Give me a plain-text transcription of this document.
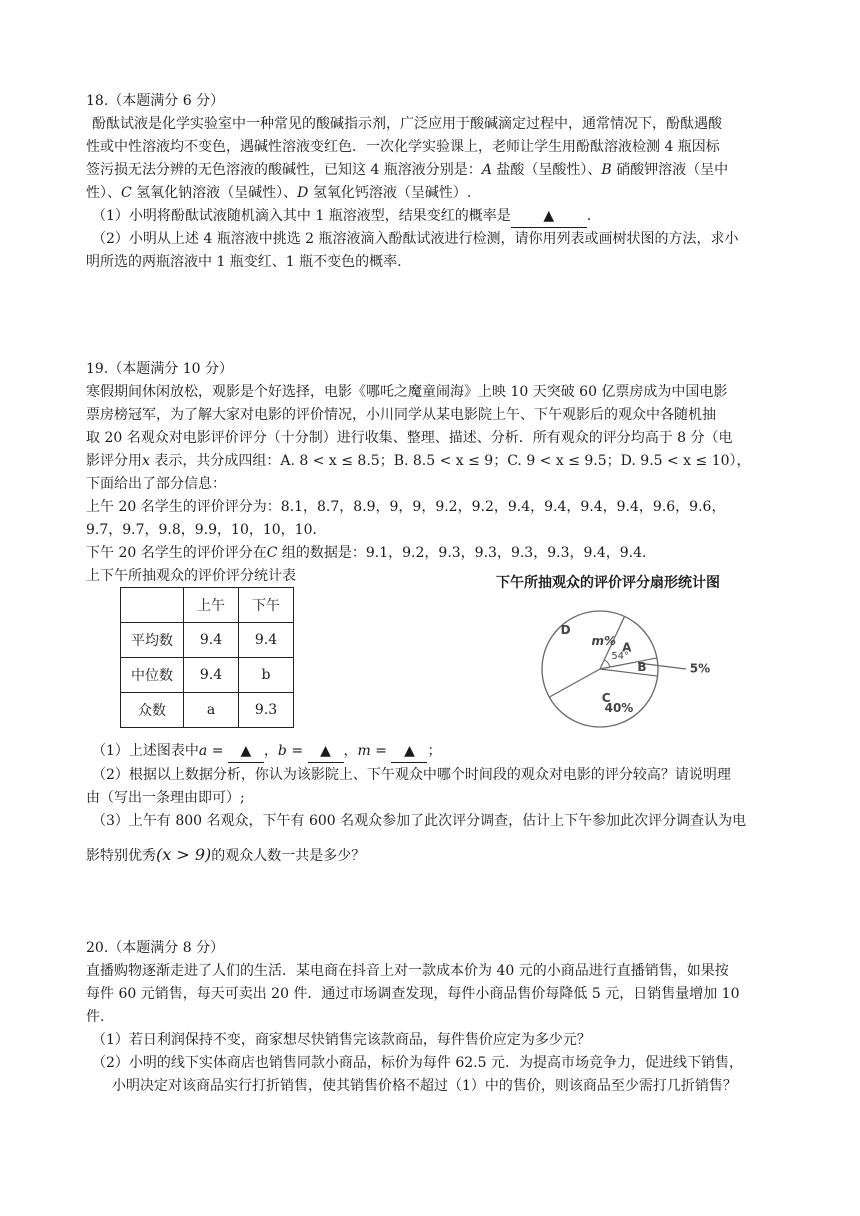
18.（本题满分 6 分）
酚酞试液是化学实验室中一种常见的酸碱指示剂，广泛应用于酸碱滴定过程中，通常情况下，酚酞遇酸
性或中性溶液均不变色，遇碱性溶液变红色．一次化学实验课上，老师让学生用酚酞溶液检测 4 瓶因标
签污损无法分辨的无色溶液的酸碱性，已知这 4 瓶溶液分别是：A 盐酸（呈酸性）、B 硝酸钾溶液（呈中
性）、C 氢氧化钠溶液（呈碱性）、D 氢氧化钙溶液（呈碱性）.
（1）小明将酚酞试液随机滴入其中 1 瓶溶液型，结果变红的概率是 ▲ .
（2）小明从上述 4 瓶溶液中挑选 2 瓶溶液滴入酚酞试液进行检测，请你用列表或画树状图的方法，求小
明所选的两瓶溶液中 1 瓶变红、1 瓶不变色的概率.
19.（本题满分 10 分）
寒假期间休闲放松，观影是个好选择，电影《哪吒之魔童闹海》上映 10 天突破 60 亿票房成为中国电影
票房榜冠军，为了解大家对电影的评价情况，小川同学从某电影院上午、下午观影后的观众中各随机抽
取 20 名观众对电影评价评分（十分制）进行收集、整理、描述、分析．所有观众的评分均高于 8 分（电
影评分用x 表示，共分成四组：A. 8 < x ≤ 8.5；B. 8.5 < x ≤ 9；C. 9 < x ≤ 9.5；D. 9.5 < x ≤ 10），
下面给出了部分信息：
上午 20 名学生的评价评分为：8.1，8.7，8.9，9，9，9.2，9.2，9.4，9.4，9.4，9.4，9.6，9.6，
9.7，9.7，9.8，9.9，10，10，10．
下午 20 名学生的评价评分在C 组的数据是：9.1，9.2，9.3，9.3，9.3，9.3，9.4，9.4．
上下午所抽观众的评价评分统计表
	上午	下午
平均数	9.4	9.4
中位数	9.4	b
众数	a	9.3
下午所抽观众的评价评分扇形统计图
A
B
C
D
54°
40%
m%
5%
（1）上述图表中a = ▲ ，b = ▲ ，m = ▲ ；
（2）根据以上数据分析，你认为该影院上、下午观众中哪个时间段的观众对电影的评分较高？请说明理
由（写出一条理由即可）;
（3）上午有 800 名观众，下午有 600 名观众参加了此次评分调查，估计上下午参加此次评分调查认为电
影特别优秀(x > 9)的观众人数一共是多少？
20.（本题满分 8 分）
直播购物逐渐走进了人们的生活．某电商在抖音上对一款成本价为 40 元的小商品进行直播销售，如果按
每件 60 元销售，每天可卖出 20 件．通过市场调查发现，每件小商品售价每降低 5 元，日销售量增加 10
件.
（1）若日利润保持不变，商家想尽快销售完该款商品，每件售价应定为多少元？
（2）小明的线下实体商店也销售同款小商品，标价为每件 62.5 元．为提高市场竞争力，促进线下销售，
小明决定对该商品实行打折销售，使其销售价格不超过（1）中的售价，则该商品至少需打几折销售？
